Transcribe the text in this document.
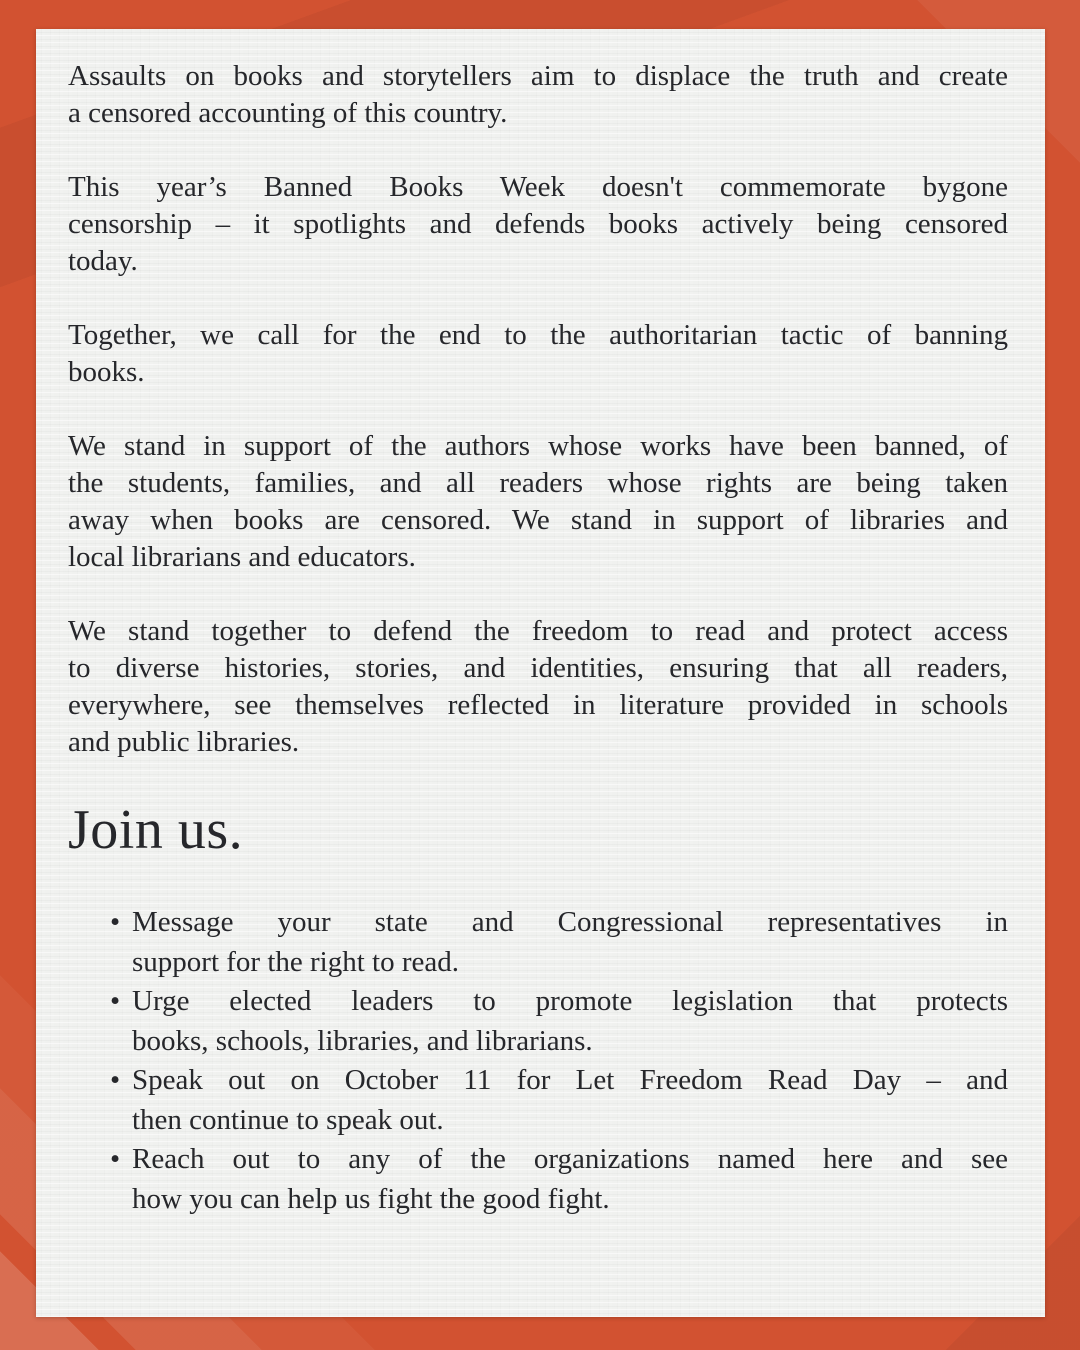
Assaults on books and storytellers aim to displace the truth and create
a censored accounting of this country.
This year’s Banned Books Week doesn't commemorate bygone
censorship – it spotlights and defends books actively being censored
today.
Together, we call for the end to the authoritarian tactic of banning
books.
We stand in support of the authors whose works have been banned, of
the students, families, and all readers whose rights are being taken
away when books are censored. We stand in support of libraries and
local librarians and educators.
We stand together to defend the freedom to read and protect access
to diverse histories, stories, and identities, ensuring that all readers,
everywhere, see themselves reflected in literature provided in schools
and public libraries.
Join us.
• Message your state and Congressional representatives in
support for the right to read.
• Urge elected leaders to promote legislation that protects
books, schools, libraries, and librarians.
• Speak out on October 11 for Let Freedom Read Day – and
then continue to speak out.
• Reach out to any of the organizations named here and see
how you can help us fight the good fight.
